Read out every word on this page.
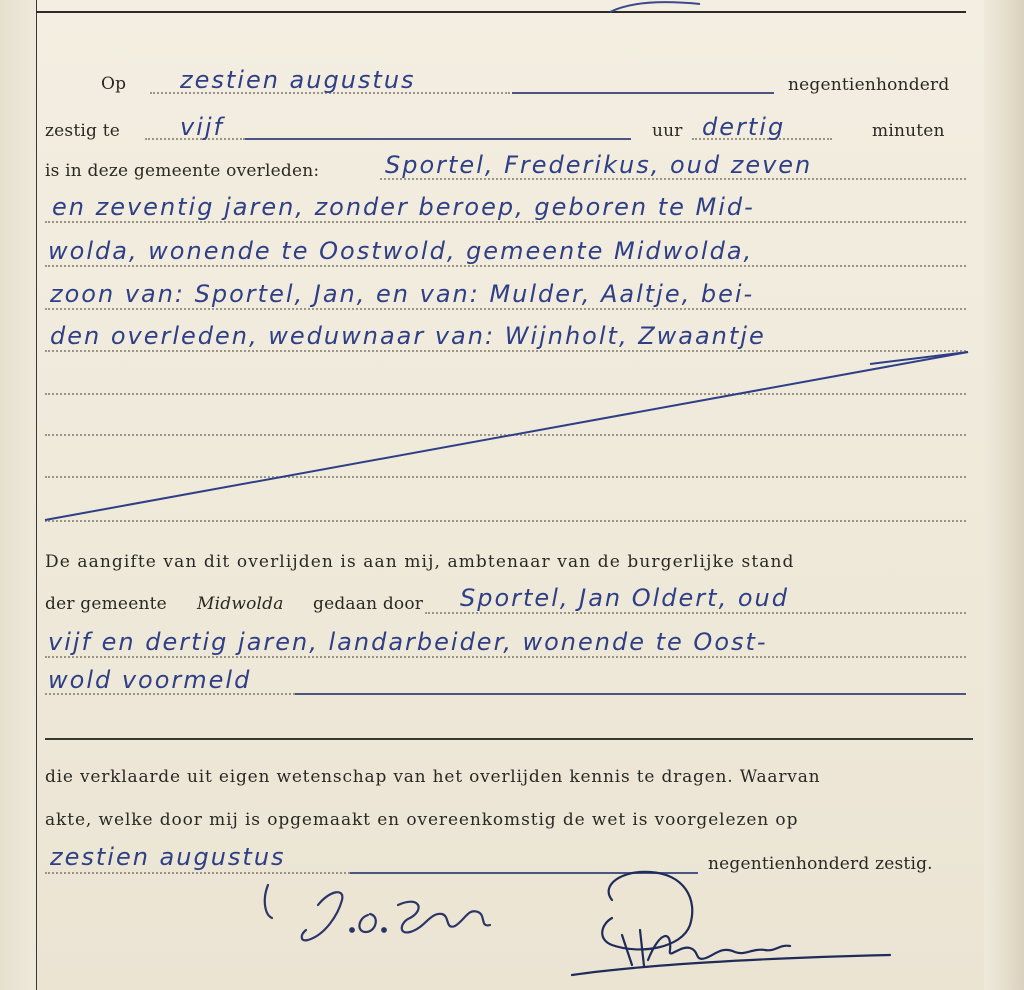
Op zestien augustus	negentienhonderd
zestig te	vijf	uur dertig	minuten
is in deze gemeente overleden:	Sportel, Frederikus, oud zeven
en zeventig jaren, zonder beroep, geboren te Mid-
wolda, wonende te Oostwold, gemeente Midwolda,
zoon van: Sportel, Jan, en van: Mulder, Aaltje, bei-
den overleden, weduwnaar van: Wijnholt, Zwaantje
De aangifte van dit overlijden is aan mij, ambtenaar van de burgerlijke stand
der gemeente Midwolda gedaan door Sportel, Jan Oldert, oud
vijf en dertig jaren, landarbeider, wonende te Oost-
wold voormeld
die verklaarde uit eigen wetenschap van het overlijden kennis te dragen. Waarvan
akte, welke door mij is opgemaakt en overeenkomstig de wet is voorgelezen op
zestien augustus	negentienhonderd zestig.
